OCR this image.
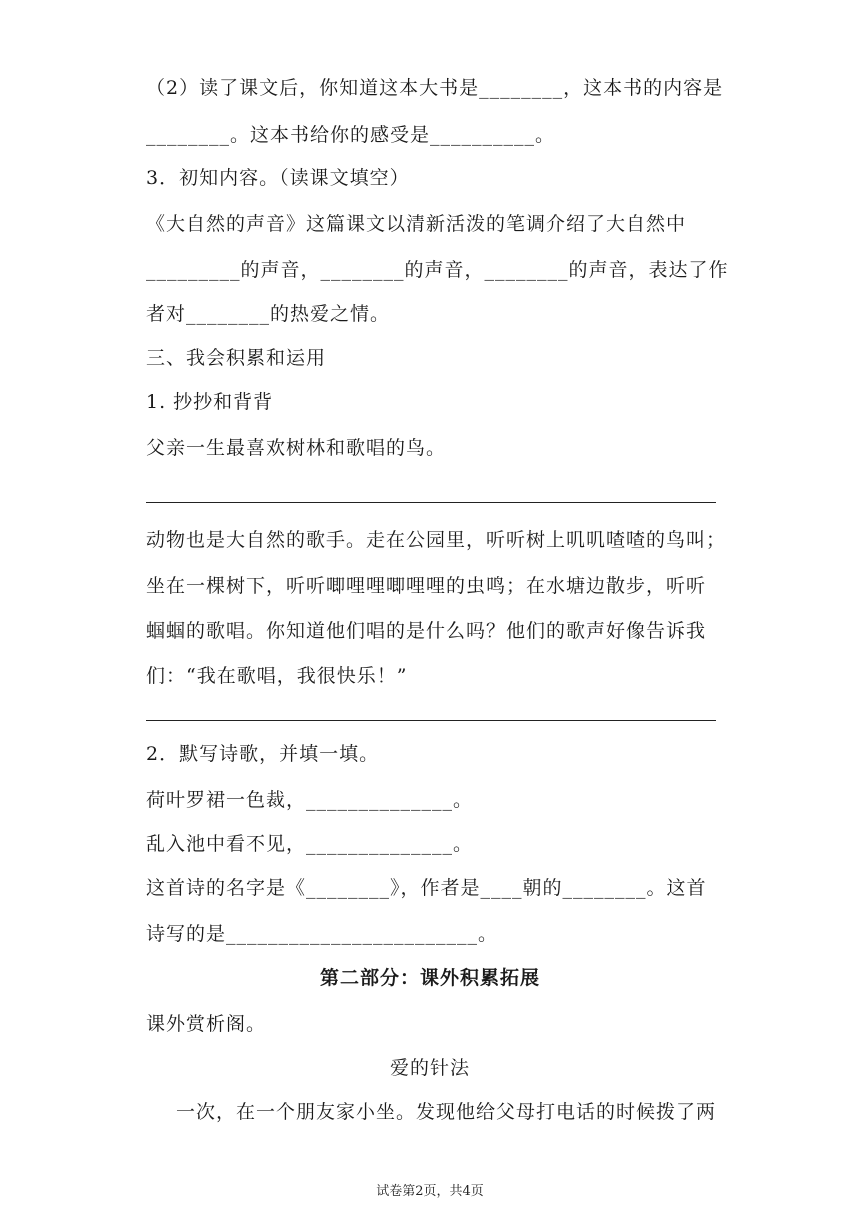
（2）读了课文后，你知道这本大书是________，这本书的内容是
________。这本书给你的感受是__________。
3．初知内容。（读课文填空）
《大自然的声音》这篇课文以清新活泼的笔调介绍了大自然中
_________的声音，________的声音，________的声音，表达了作
者对________的热爱之情。
三、我会积累和运用
1. 抄抄和背背
父亲一生最喜欢树林和歌唱的鸟。
动物也是大自然的歌手。走在公园里，听听树上叽叽喳喳的鸟叫；
坐在一棵树下，听听唧哩哩唧哩哩的虫鸣；在水塘边散步，听听
蝈蝈的歌唱。你知道他们唱的是什么吗？他们的歌声好像告诉我
们：“我在歌唱，我很快乐！”
2．默写诗歌，并填一填。
荷叶罗裙一色裁，______________。
乱入池中看不见，______________。
这首诗的名字是《________》，作者是____朝的________。这首
诗写的是________________________。
第二部分：课外积累拓展
课外赏析阁。
爱的针法
一次，在一个朋友家小坐。发现他给父母打电话的时候拨了两
试卷第2页，共4页
